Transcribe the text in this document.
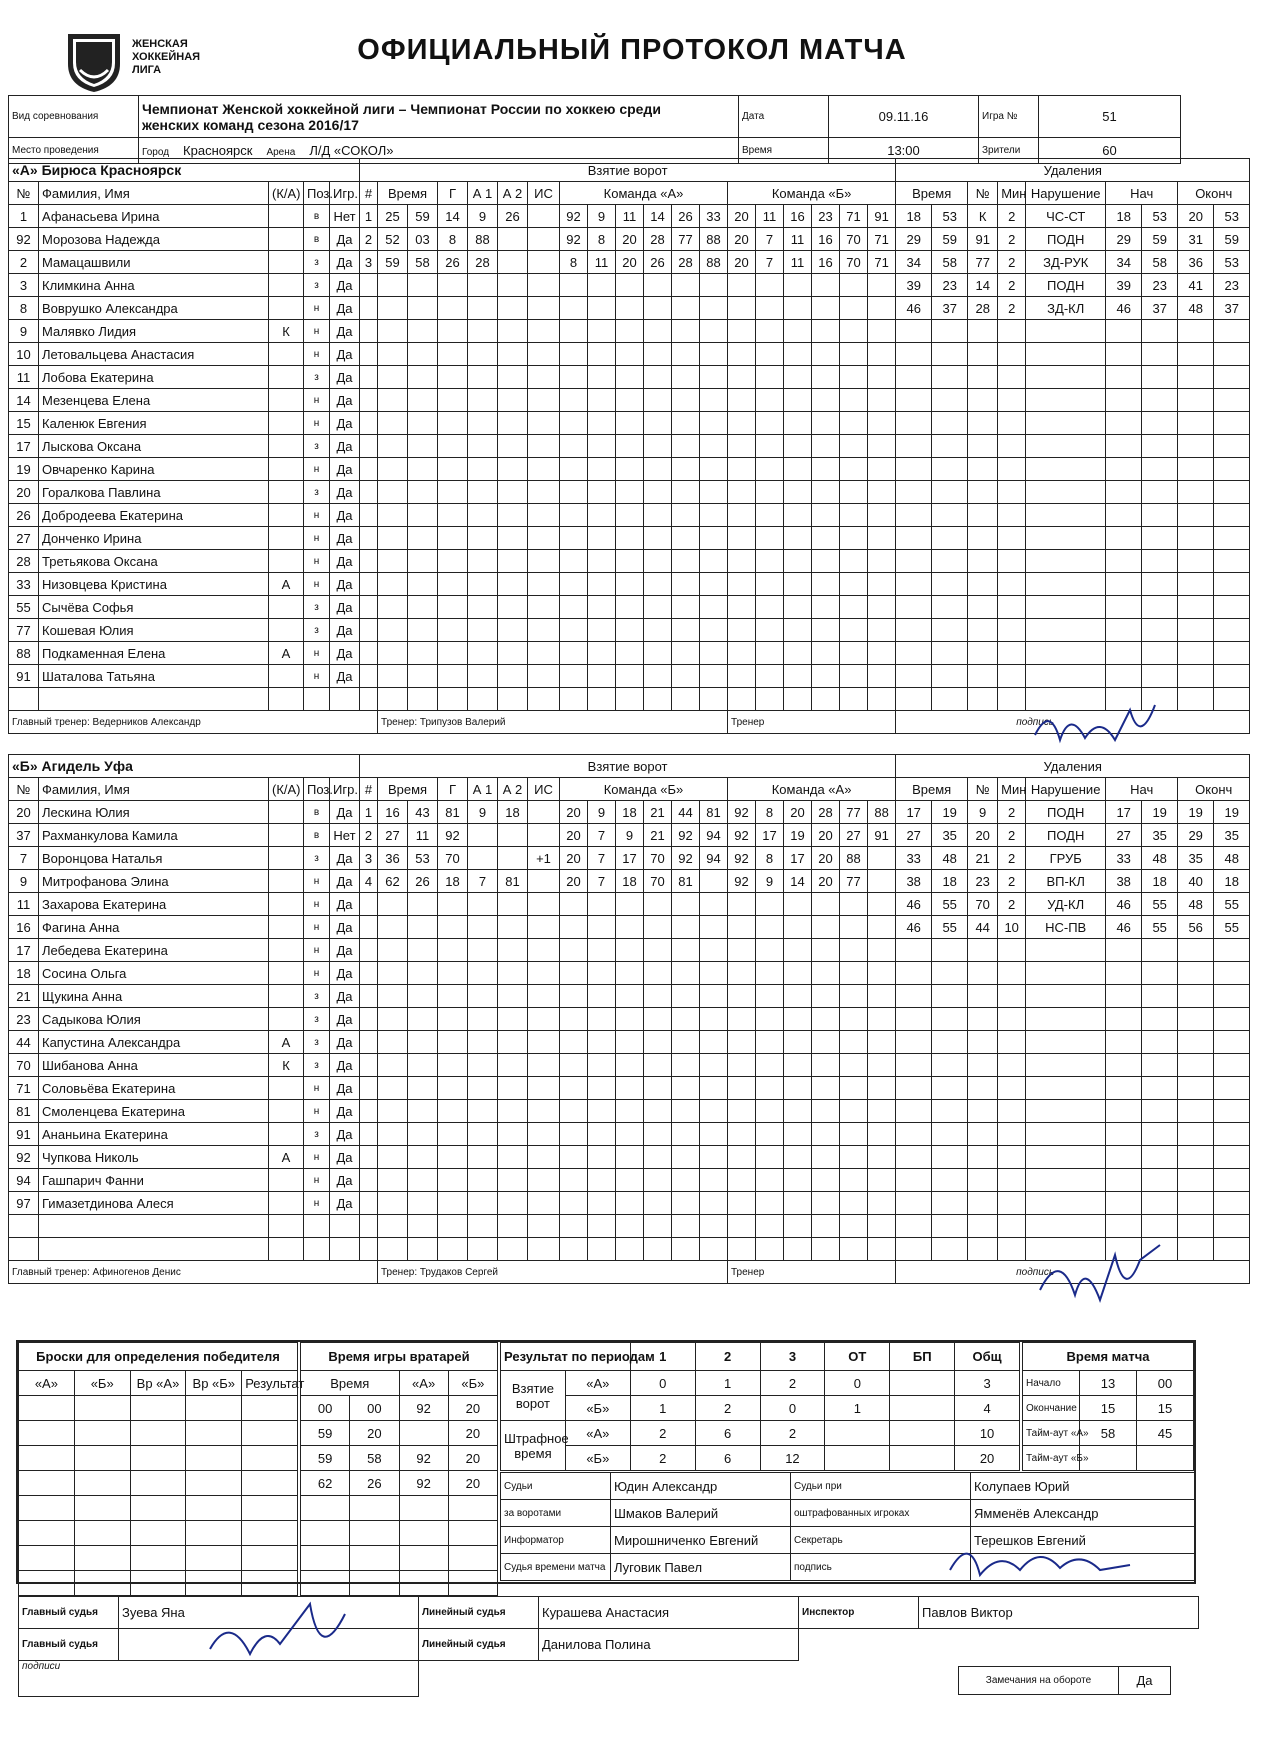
ЖЕНСКАЯ
ХОККЕЙНАЯ
ЛИГА
ОФИЦИАЛЬНЫЙ ПРОТОКОЛ МАТЧА
Вид соревнования	Чемпионат Женской хоккейной лиги – Чемпионат России по хоккею среди
женских команд сезона 2016/17	Дата	09.11.16	Игра №	51
Место проведения	Город Красноярск Арена Л/Д «СОКОЛ»	Время	13:00	Зрители	60
«А» Бирюса Красноярск					Взятие ворот																			Удаления								
№	Фамилия, Имя	(К/А)	Поз.	Игр.	#	Время		Г	А 1	А 2	ИС	Команда «А»						Команда «Б»						Время		№	Мин	Нарушение	Нач		Оконч	
1	Афанасьева Ирина		в	Нет	1	25	59	14	9	26		92	9	11	14	26	33	20	11	16	23	71	91	18	53	К	2	ЧС-СТ	18	53	20	53
92	Морозова Надежда		в	Да	2	52	03	8	88			92	8	20	28	77	88	20	7	11	16	70	71	29	59	91	2	ПОДН	29	59	31	59
2	Мамацашвили		з	Да	3	59	58	26	28			8	11	20	26	28	88	20	7	11	16	70	71	34	58	77	2	ЗД-РУК	34	58	36	53
3	Климкина Анна		з	Да																				39	23	14	2	ПОДН	39	23	41	23
8	Воврушко Александра		н	Да																				46	37	28	2	ЗД-КЛ	46	37	48	37
9	Малявко Лидия	К	н	Да																												
10	Летовальцева Анастасия		н	Да																												
11	Лобова Екатерина		з	Да																												
14	Мезенцева Елена		н	Да																												
15	Каленюк Евгения		н	Да																												
17	Лыскова Оксана		з	Да																												
19	Овчаренко Карина		н	Да																												
20	Горалкова Павлина		з	Да																												
26	Добродеева Екатерина		н	Да																												
27	Донченко Ирина		н	Да																												
28	Третьякова Оксана		н	Да																												
33	Низовцева Кристина	А	н	Да																												
55	Сычёва Софья		з	Да																												
77	Кошевая Юлия		з	Да																												
88	Подкаменная Елена	А	н	Да																												
91	Шаталова Татьяна		н	Да																												

Главный тренер: Ведерников Александр						Тренер: Трипузов Валерий												Тренер						подпись								
«Б» Агидель Уфа					Взятие ворот																			Удаления								
№	Фамилия, Имя	(К/А)	Поз.	Игр.	#	Время		Г	А 1	А 2	ИС	Команда «Б»						Команда «А»						Время		№	Мин	Нарушение	Нач		Оконч	
20	Лескина Юлия		в	Да	1	16	43	81	9	18		20	9	18	21	44	81	92	8	20	28	77	88	17	19	9	2	ПОДН	17	19	19	19
37	Рахманкулова Камила		в	Нет	2	27	11	92				20	7	9	21	92	94	92	17	19	20	27	91	27	35	20	2	ПОДН	27	35	29	35
7	Воронцова Наталья		з	Да	3	36	53	70			+1	20	7	17	70	92	94	92	8	17	20	88		33	48	21	2	ГРУБ	33	48	35	48
9	Митрофанова Элина		н	Да	4	62	26	18	7	81		20	7	18	70	81		92	9	14	20	77		38	18	23	2	ВП-КЛ	38	18	40	18
11	Захарова Екатерина		н	Да																				46	55	70	2	УД-КЛ	46	55	48	55
16	Фагина Анна		н	Да																				46	55	44	10	НС-ПВ	46	55	56	55
17	Лебедева Екатерина		н	Да																												
18	Сосина Ольга		н	Да																												
21	Щукина Анна		з	Да																												
23	Садыкова Юлия		з	Да																												
44	Капустина Александра	А	з	Да																												
70	Шибанова Анна	К	з	Да																												
71	Соловьёва Екатерина		н	Да																												
81	Смоленцева Екатерина		н	Да																												
91	Ананьина Екатерина		з	Да																												
92	Чупкова Николь	А	н	Да																												
94	Гашпарич Фанни		н	Да																												
97	Гимазетдинова Алеся		н	Да																												

Главный тренер: Афиногенов Денис						Тренер: Трудаков Сергей												Тренер						подпись								
Броски для определения победителя				
«А»	«Б»	Вр «А»	Вр «Б»	Результат

Время игры вратарей			
Время		«А»	«Б»
00	00	92	20
59	20		20
59	58	92	20
62	26	92	20

Результат по периодам		1	2	3	ОТ	БП	Общ

Взятие
ворот	«А»	0	1	2	0		3
	«Б»	1	2	0	1		4

Штрафное
время	«А»	2	6	2			10
	«Б»	2	6	12			20
Время матча		
Начало	13	00
Окончание	15	15
Тайм-аут «А»	58	45
Тайм-аут «Б»		
Судьи	Юдин Александр	Судьи при	Колупаев Юрий
за воротами	Шмаков Валерий	оштрафованных игроках	Ямменёв Александр
Информатор	Мирошниченко Евгений	Секретарь	Терешков Евгений
Судья времени матча	Луговик Павел	подпись	
Главный судья	Зуева Яна	Линейный судья	Курашева Анастасия	Инспектор	Павлов Виктор
Главный судья		Линейный судья	Данилова Полина		
подписи					
Замечания на обороте	Да
